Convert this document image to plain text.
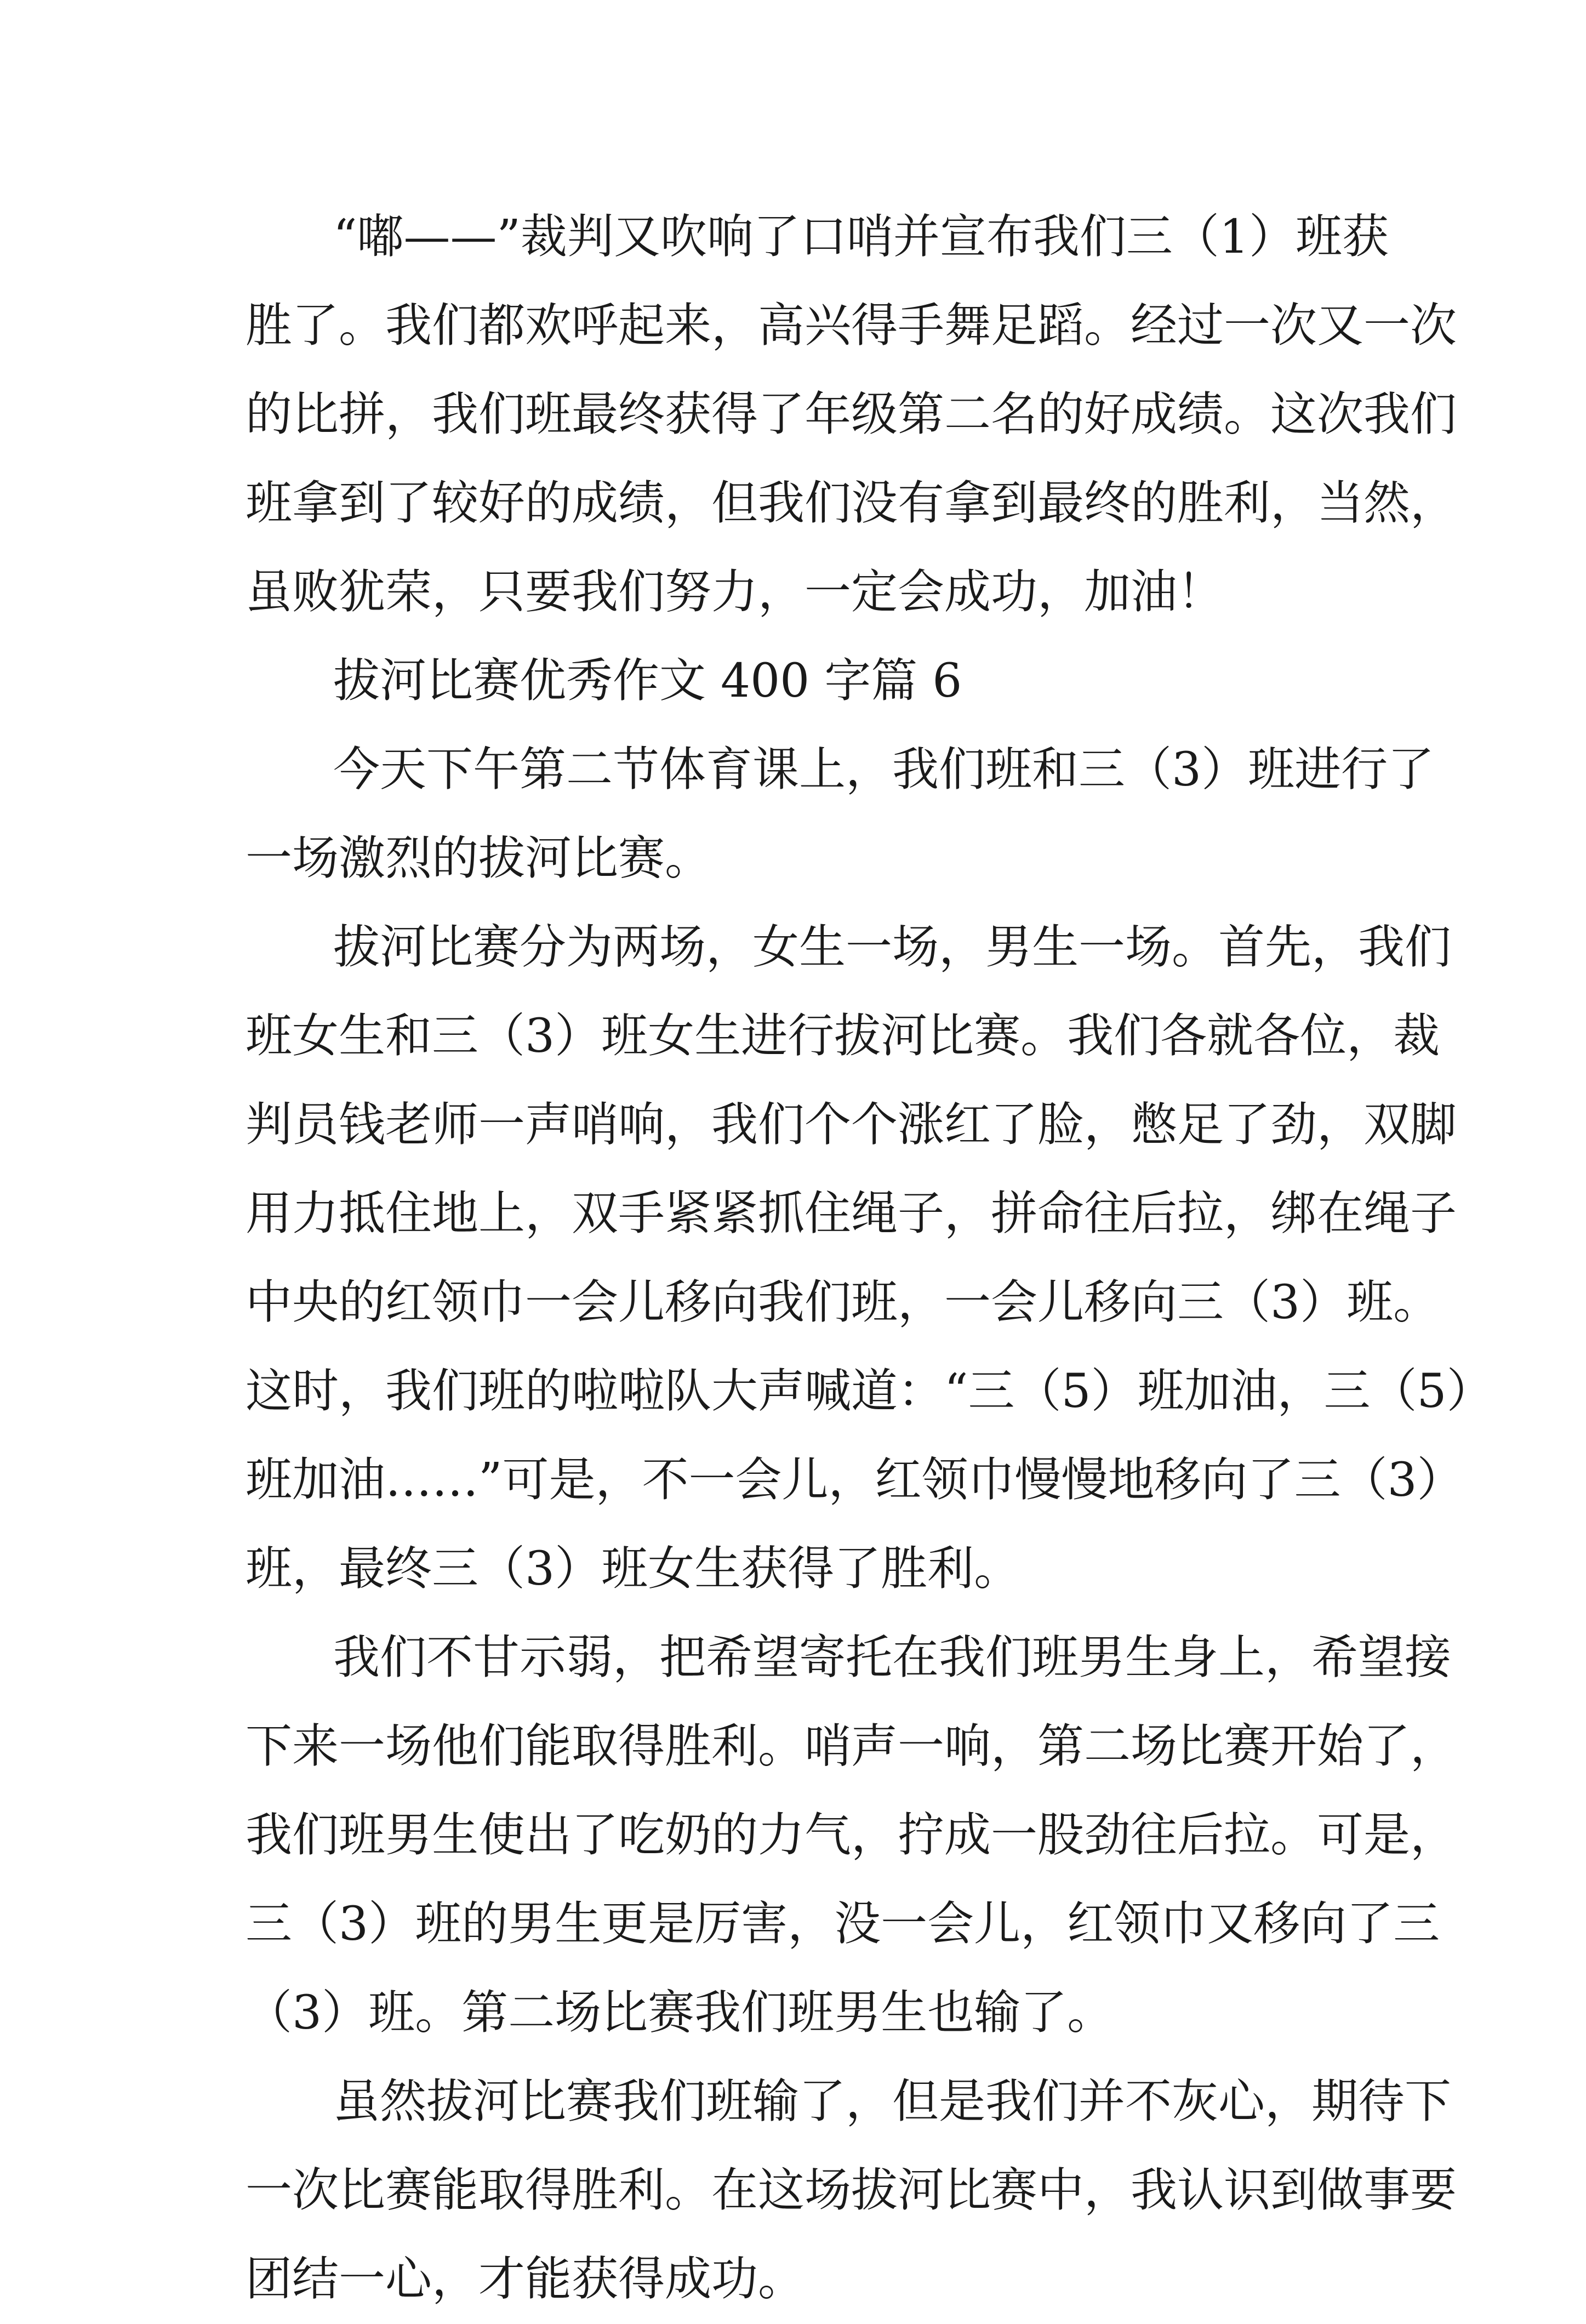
“嘟——”裁判又吹响了口哨并宣布我们三（1）班获
胜了。我们都欢呼起来，高兴得手舞足蹈。经过一次又一次
的比拼，我们班最终获得了年级第二名的好成绩。这次我们
班拿到了较好的成绩，但我们没有拿到最终的胜利，当然，
虽败犹荣，只要我们努力，一定会成功，加油！
拔河比赛优秀作文 400 字篇 6
今天下午第二节体育课上，我们班和三（3）班进行了
一场激烈的拔河比赛。
拔河比赛分为两场，女生一场，男生一场。首先，我们
班女生和三（3）班女生进行拔河比赛。我们各就各位，裁
判员钱老师一声哨响，我们个个涨红了脸，憋足了劲，双脚
用力抵住地上，双手紧紧抓住绳子，拼命往后拉，绑在绳子
中央的红领巾一会儿移向我们班，一会儿移向三（3）班。
这时，我们班的啦啦队大声喊道：“三（5）班加油，三（5）
班加油……”可是，不一会儿，红领巾慢慢地移向了三（3）
班，最终三（3）班女生获得了胜利。
我们不甘示弱，把希望寄托在我们班男生身上，希望接
下来一场他们能取得胜利。哨声一响，第二场比赛开始了，
我们班男生使出了吃奶的力气，拧成一股劲往后拉。可是，
三（3）班的男生更是厉害，没一会儿，红领巾又移向了三
（3）班。第二场比赛我们班男生也输了。
虽然拔河比赛我们班输了，但是我们并不灰心，期待下
一次比赛能取得胜利。在这场拔河比赛中，我认识到做事要
团结一心，才能获得成功。
